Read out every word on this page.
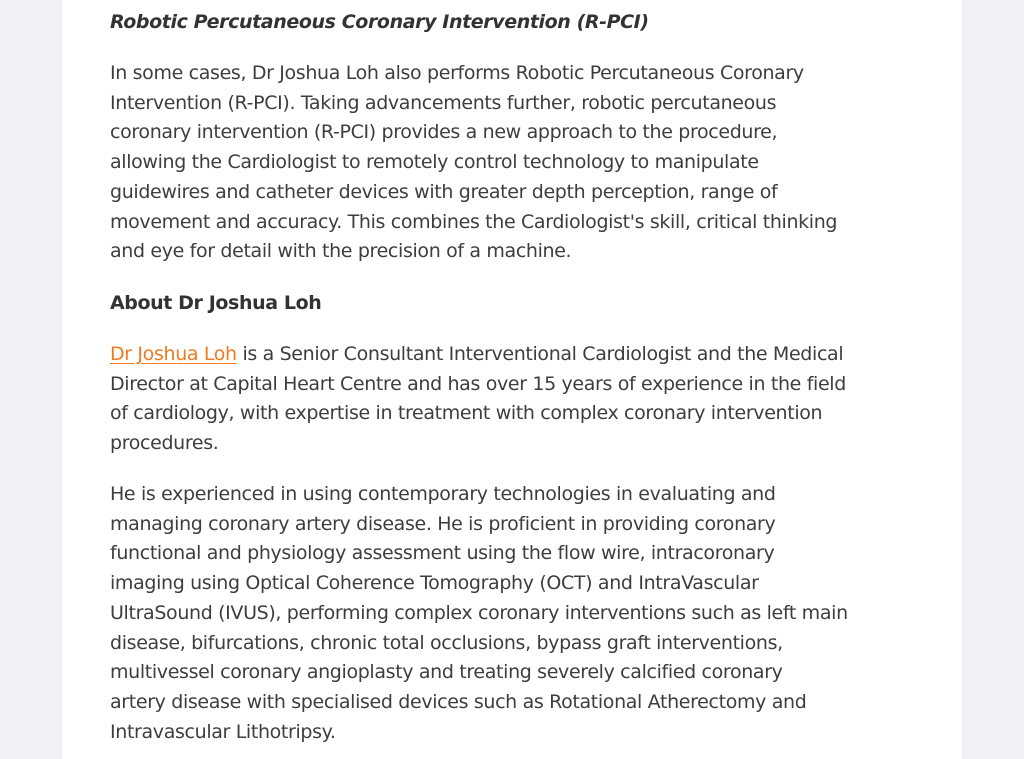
Robotic Percutaneous Coronary Intervention (R-PCI)
In some cases, Dr Joshua Loh also performs Robotic Percutaneous Coronary
Intervention (R-PCI). Taking advancements further, robotic percutaneous
coronary intervention (R-PCI) provides a new approach to the procedure,
allowing the Cardiologist to remotely control technology to manipulate
guidewires and catheter devices with greater depth perception, range of
movement and accuracy. This combines the Cardiologist's skill, critical thinking
and eye for detail with the precision of a machine.
About Dr Joshua Loh
Dr Joshua Loh is a Senior Consultant Interventional Cardiologist and the Medical
Director at Capital Heart Centre and has over 15 years of experience in the field
of cardiology, with expertise in treatment with complex coronary intervention
procedures.
He is experienced in using contemporary technologies in evaluating and
managing coronary artery disease. He is proficient in providing coronary
functional and physiology assessment using the flow wire, intracoronary
imaging using Optical Coherence Tomography (OCT) and IntraVascular
UltraSound (IVUS), performing complex coronary interventions such as left main
disease, bifurcations, chronic total occlusions, bypass graft interventions,
multivessel coronary angioplasty and treating severely calcified coronary
artery disease with specialised devices such as Rotational Atherectomy and
Intravascular Lithotripsy.
